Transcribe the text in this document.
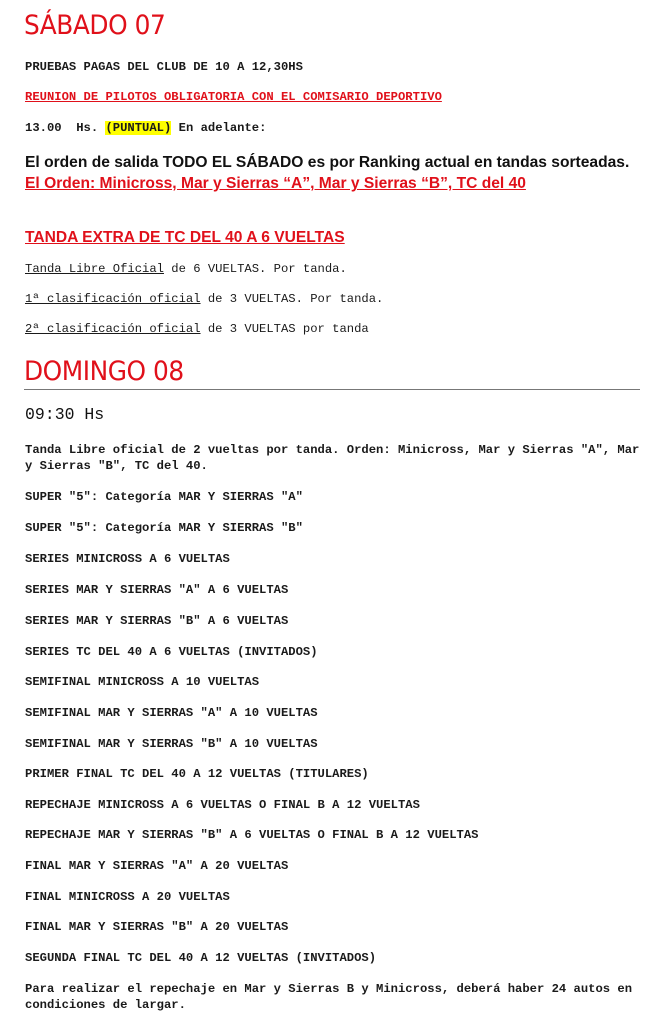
SÁBADO 07
PRUEBAS PAGAS DEL CLUB DE 10 A 12,30HS
REUNION DE PILOTOS OBLIGATORIA CON EL COMISARIO DEPORTIVO
13.00  Hs. (PUNTUAL) En adelante:
El orden de salida TODO EL SÁBADO es por Ranking actual en tandas sorteadas. El Orden: Minicross, Mar y Sierras “A”, Mar y Sierras “B”, TC del 40
TANDA EXTRA DE TC DEL 40 A 6 VUELTAS
Tanda Libre Oficial de 6 VUELTAS. Por tanda.
1ª clasificación oficial de 3 VUELTAS. Por tanda.
2ª clasificación oficial de 3 VUELTAS por tanda
DOMINGO 08
09:30 Hs
Tanda Libre oficial de 2 vueltas por tanda. Orden: Minicross, Mar y Sierras ″A″, Mar y Sierras ″B″, TC del 40.
SUPER ″5″: Categoría MAR Y SIERRAS ″A″
SUPER ″5″: Categoría MAR Y SIERRAS ″B″
SERIES MINICROSS A 6 VUELTAS
SERIES MAR Y SIERRAS ″A″ A 6 VUELTAS
SERIES MAR Y SIERRAS ″B″ A 6 VUELTAS
SERIES TC DEL 40 A 6 VUELTAS (INVITADOS)
SEMIFINAL MINICROSS A 10 VUELTAS
SEMIFINAL MAR Y SIERRAS ″A″ A 10 VUELTAS
SEMIFINAL MAR Y SIERRAS ″B″ A 10 VUELTAS
PRIMER FINAL TC DEL 40 A 12 VUELTAS (TITULARES)
REPECHAJE MINICROSS A 6 VUELTAS O FINAL B A 12 VUELTAS
REPECHAJE MAR Y SIERRAS ″B″ A 6 VUELTAS O FINAL B A 12 VUELTAS
FINAL MAR Y SIERRAS ″A″ A 20 VUELTAS
FINAL MINICROSS A 20 VUELTAS
FINAL MAR Y SIERRAS ″B″ A 20 VUELTAS
SEGUNDA FINAL TC DEL 40 A 12 VUELTAS (INVITADOS)
Para realizar el repechaje en Mar y Sierras B y Minicross, deberá haber 24 autos en condiciones de largar.
